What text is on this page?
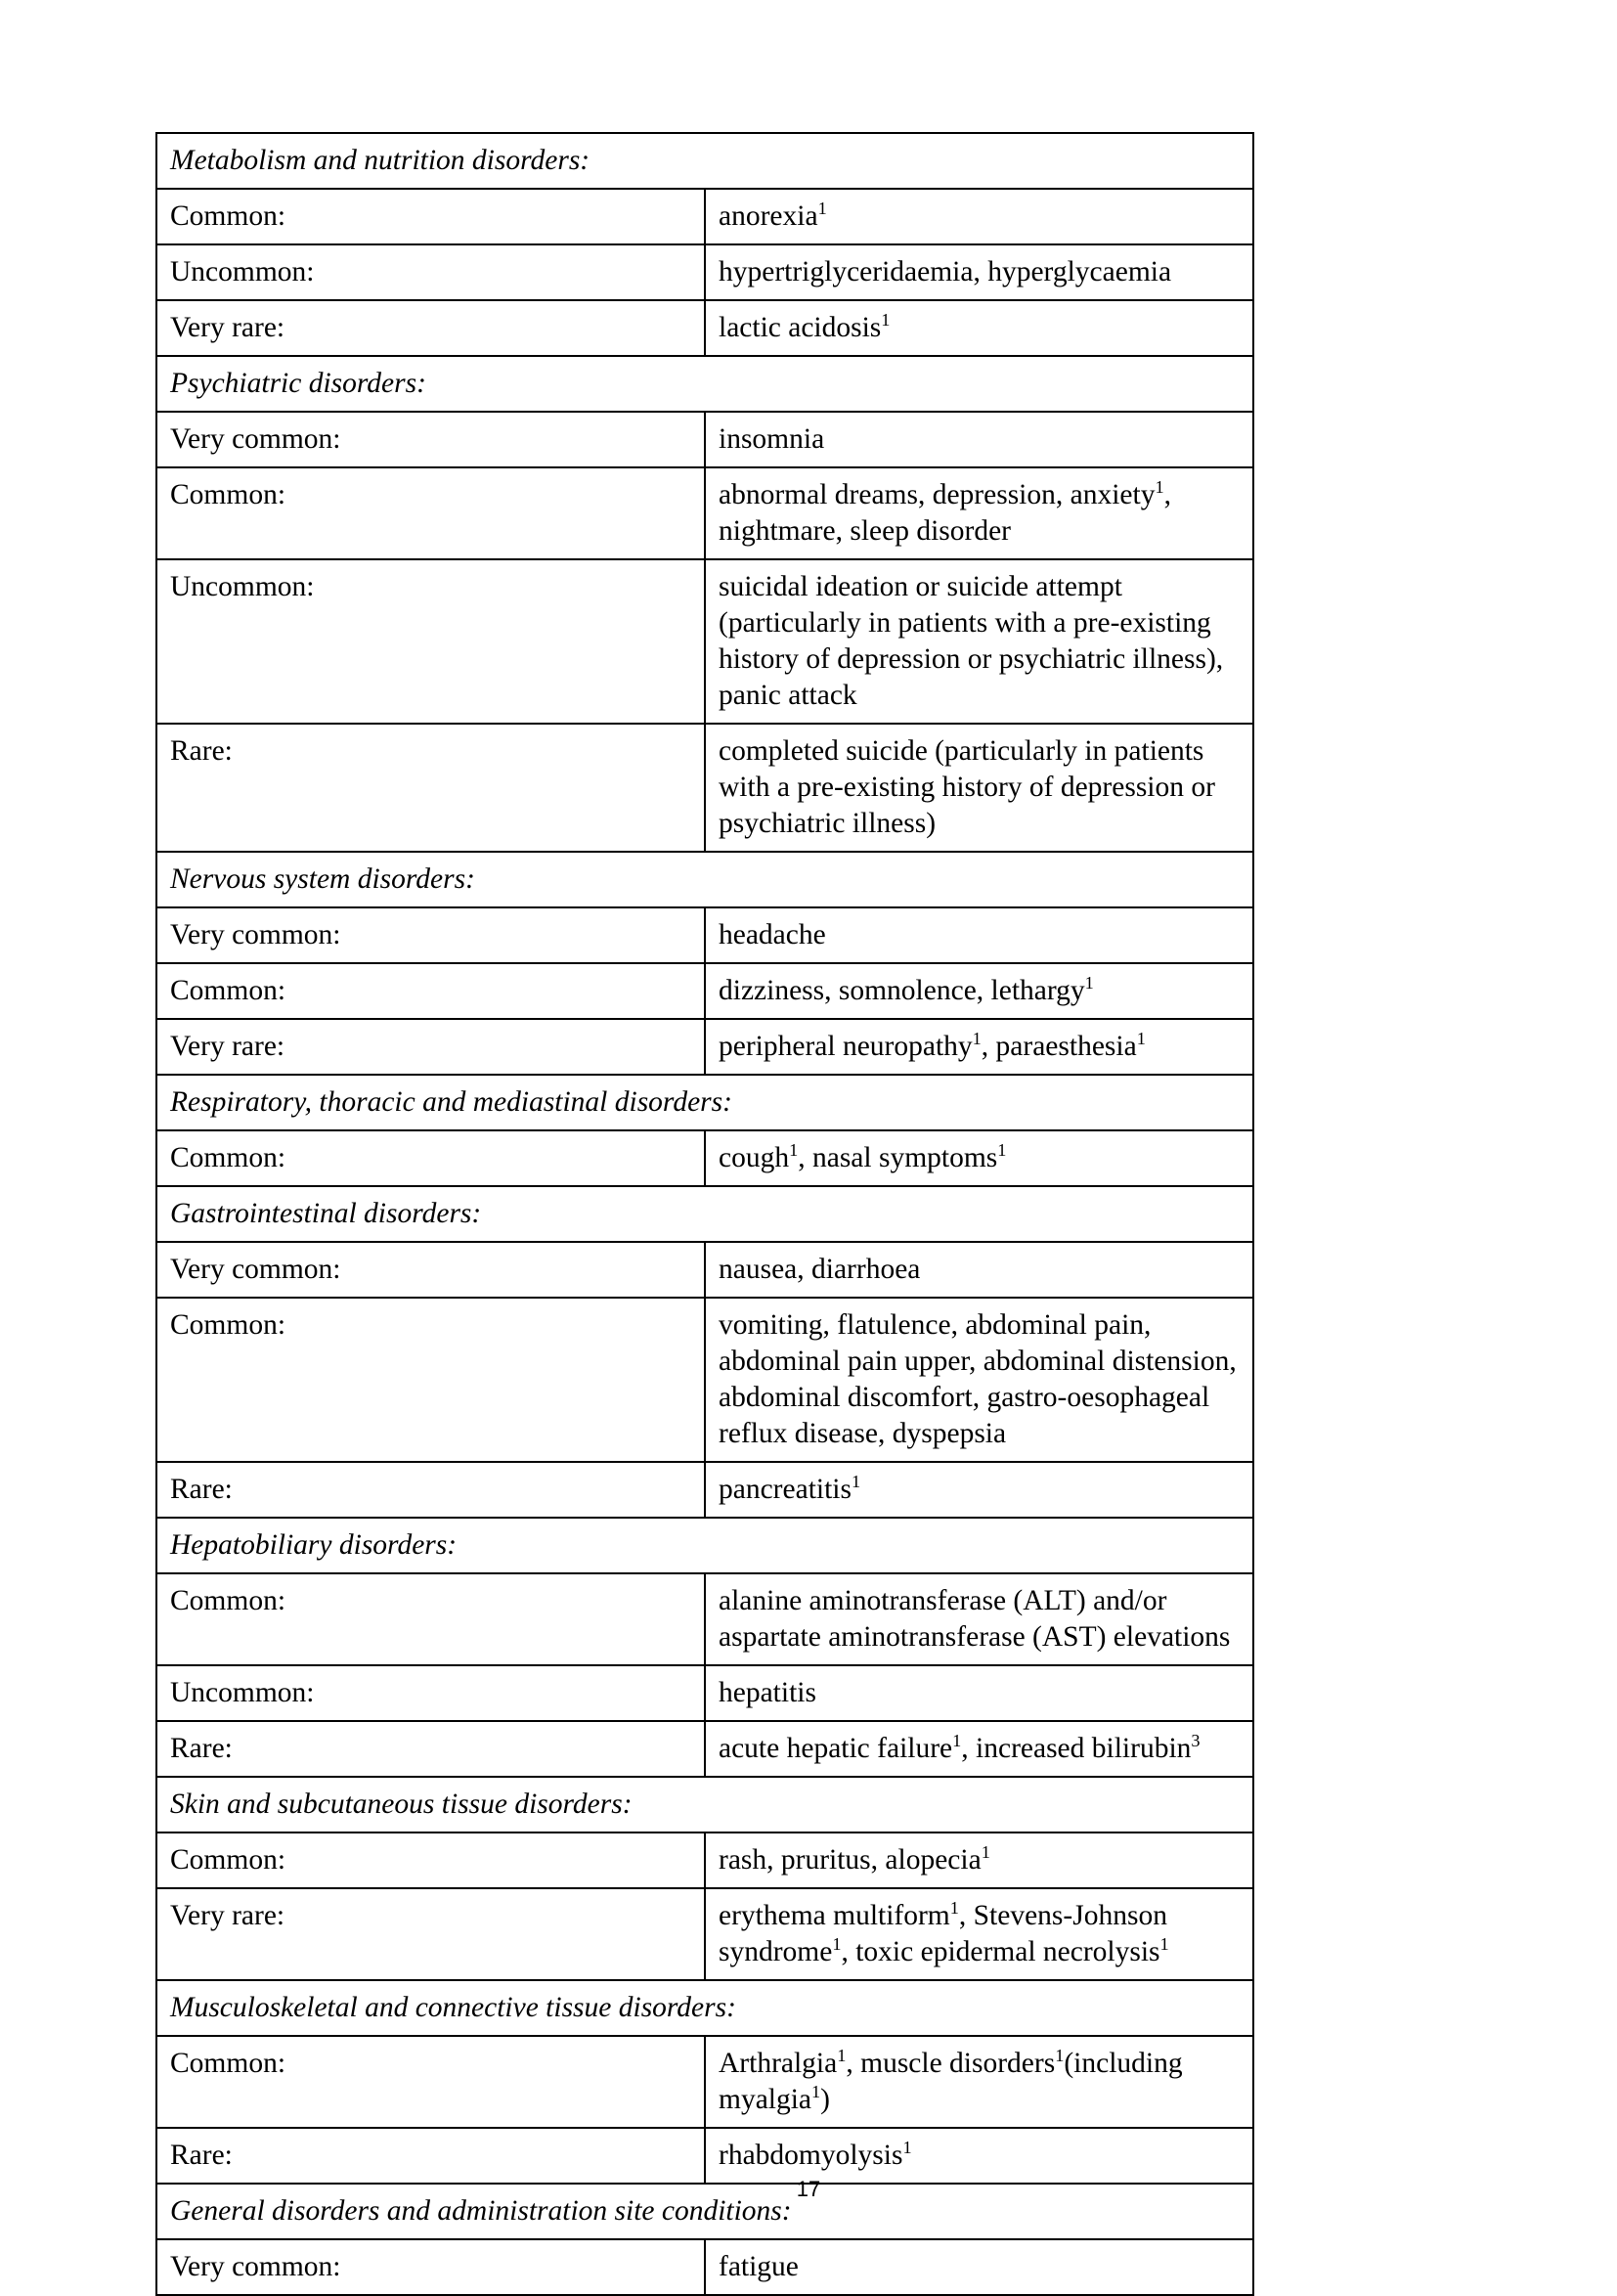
Metabolism and nutrition disorders:	
Common:	anorexia$^1$
Uncommon:	hypertriglyceridaemia, hyperglycaemia
Very rare:	lactic acidosis$^1$
Psychiatric disorders:	
Very common:	insomnia
Common:	abnormal dreams, depression, anxiety$^1$, nightmare, sleep disorder
Uncommon:	suicidal ideation or suicide attempt (particularly in patients with a pre-existing history of depression or psychiatric illness), panic attack
Rare:	completed suicide (particularly in patients with a pre-existing history of depression or psychiatric illness)
Nervous system disorders:	
Very common:	headache
Common:	dizziness, somnolence, lethargy$^1$
Very rare:	peripheral neuropathy$^1$, paraesthesia$^1$
Respiratory, thoracic and mediastinal disorders:	
Common:	cough$^1$, nasal symptoms$^1$
Gastrointestinal disorders:	
Very common:	nausea, diarrhoea
Common:	vomiting, flatulence, abdominal pain, abdominal pain upper, abdominal distension, abdominal discomfort, gastro-oesophageal reflux disease, dyspepsia
Rare:	pancreatitis$^1$
Hepatobiliary disorders:	
Common:	alanine aminotransferase (ALT) and/or aspartate aminotransferase (AST) elevations
Uncommon:	hepatitis
Rare:	acute hepatic failure$^1$, increased bilirubin$^3$
Skin and subcutaneous tissue disorders:	
Common:	rash, pruritus, alopecia$^1$
Very rare:	erythema multiform$^1$, Stevens-Johnson syndrome$^1$, toxic epidermal necrolysis$^1$
Musculoskeletal and connective tissue disorders:	
Common:	Arthralgia$^1$, muscle disorders$^1$(including myalgia$^1$)
Rare:	rhabdomyolysis$^1$
General disorders and administration site conditions:	
Very common:	fatigue
17
